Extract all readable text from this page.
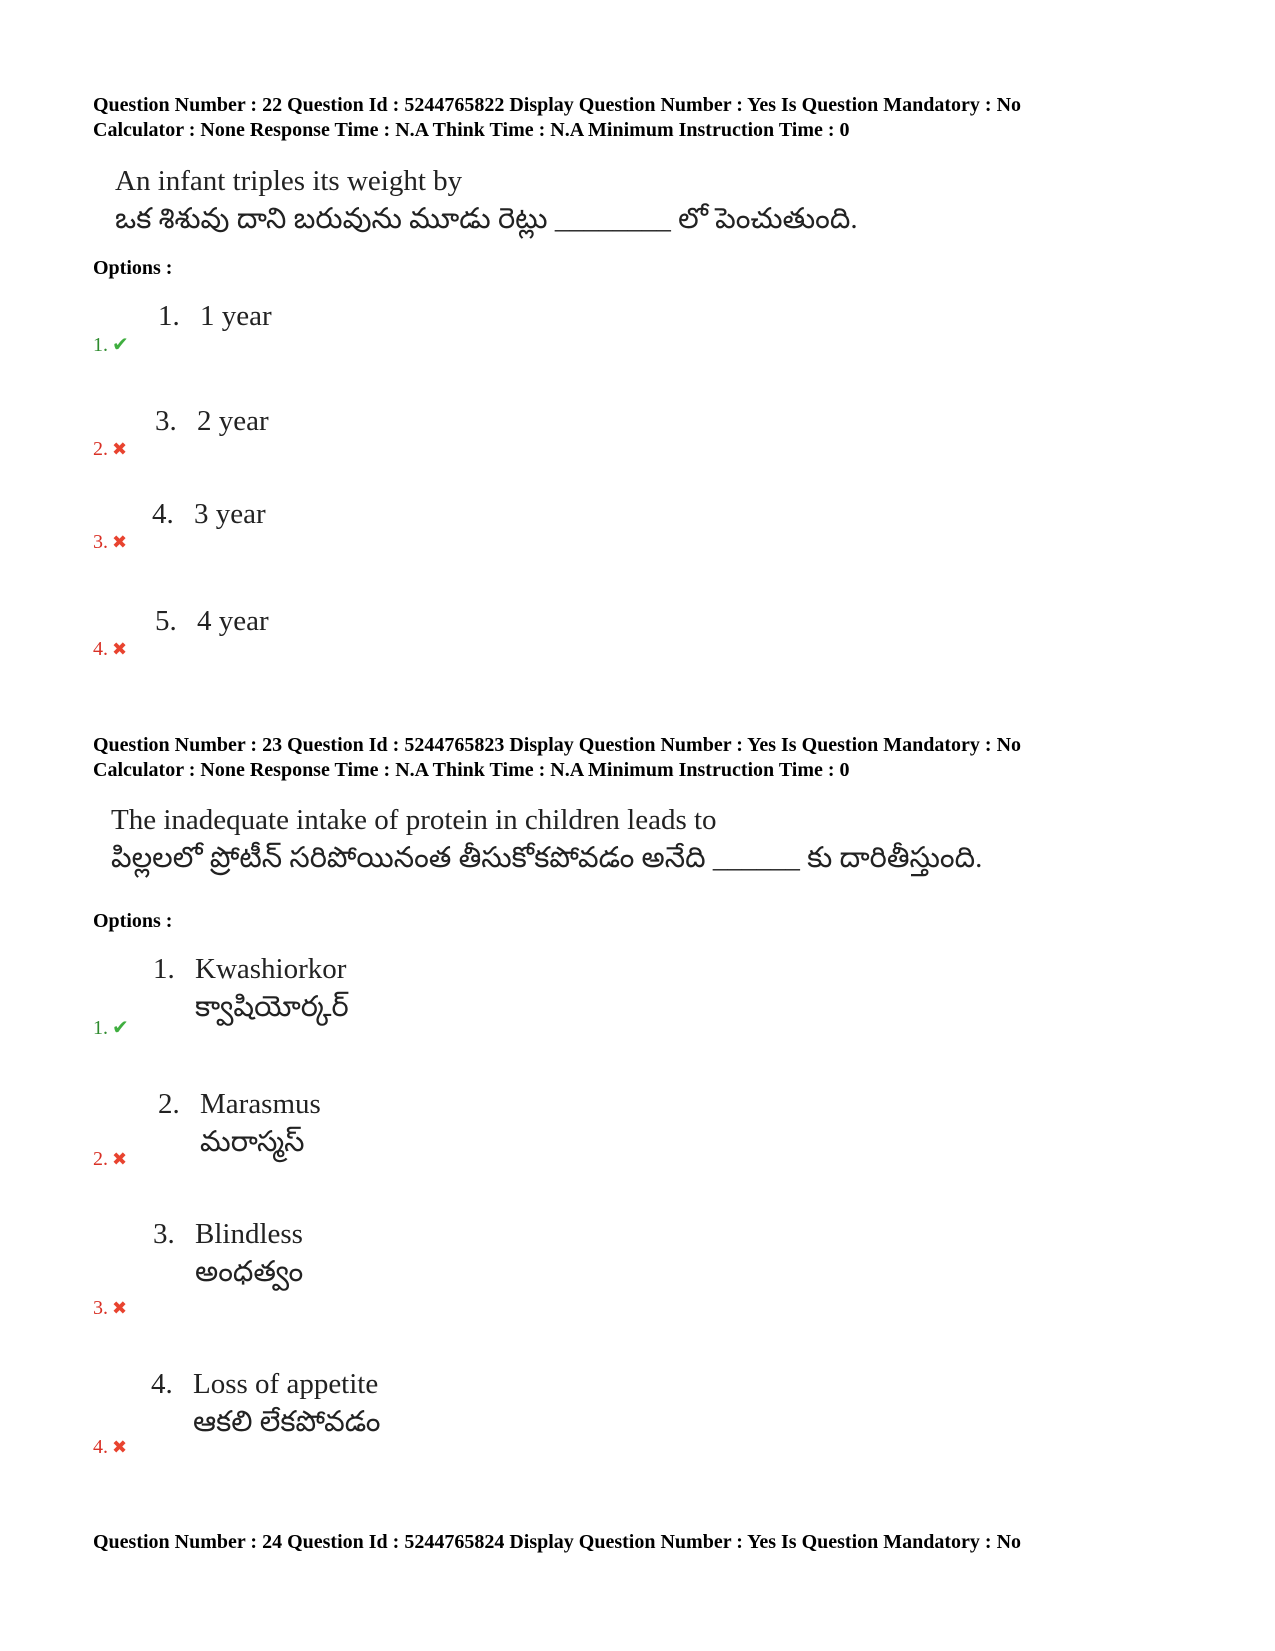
Question Number : 22 Question Id : 5244765822 Display Question Number : Yes Is Question Mandatory : No
Calculator : None Response Time : N.A Think Time : N.A Minimum Instruction Time : 0
An infant triples its weight by
ఒక శిశువు దాని బరువును మూడు రెట్లు ________ లో పెంచుతుంది.
Options :
1. 1 year
1. ✔
3. 2 year
2. ✖
4. 3 year
3. ✖
5. 4 year
4. ✖
Question Number : 23 Question Id : 5244765823 Display Question Number : Yes Is Question Mandatory : No
Calculator : None Response Time : N.A Think Time : N.A Minimum Instruction Time : 0
The inadequate intake of protein in children leads to
పిల్లలలో ప్రోటీన్ సరిపోయినంత తీసుకోకపోవడం అనేది ______ కు దారితీస్తుంది.
Options :
1. Kwashiorkor
క్వాషియోర్కర్
1. ✔
2. Marasmus
మరాస్మస్
2. ✖
3. Blindless
అంధత్వం
3. ✖
4. Loss of appetite
ఆకలి లేకపోవడం
4. ✖
Question Number : 24 Question Id : 5244765824 Display Question Number : Yes Is Question Mandatory : No
